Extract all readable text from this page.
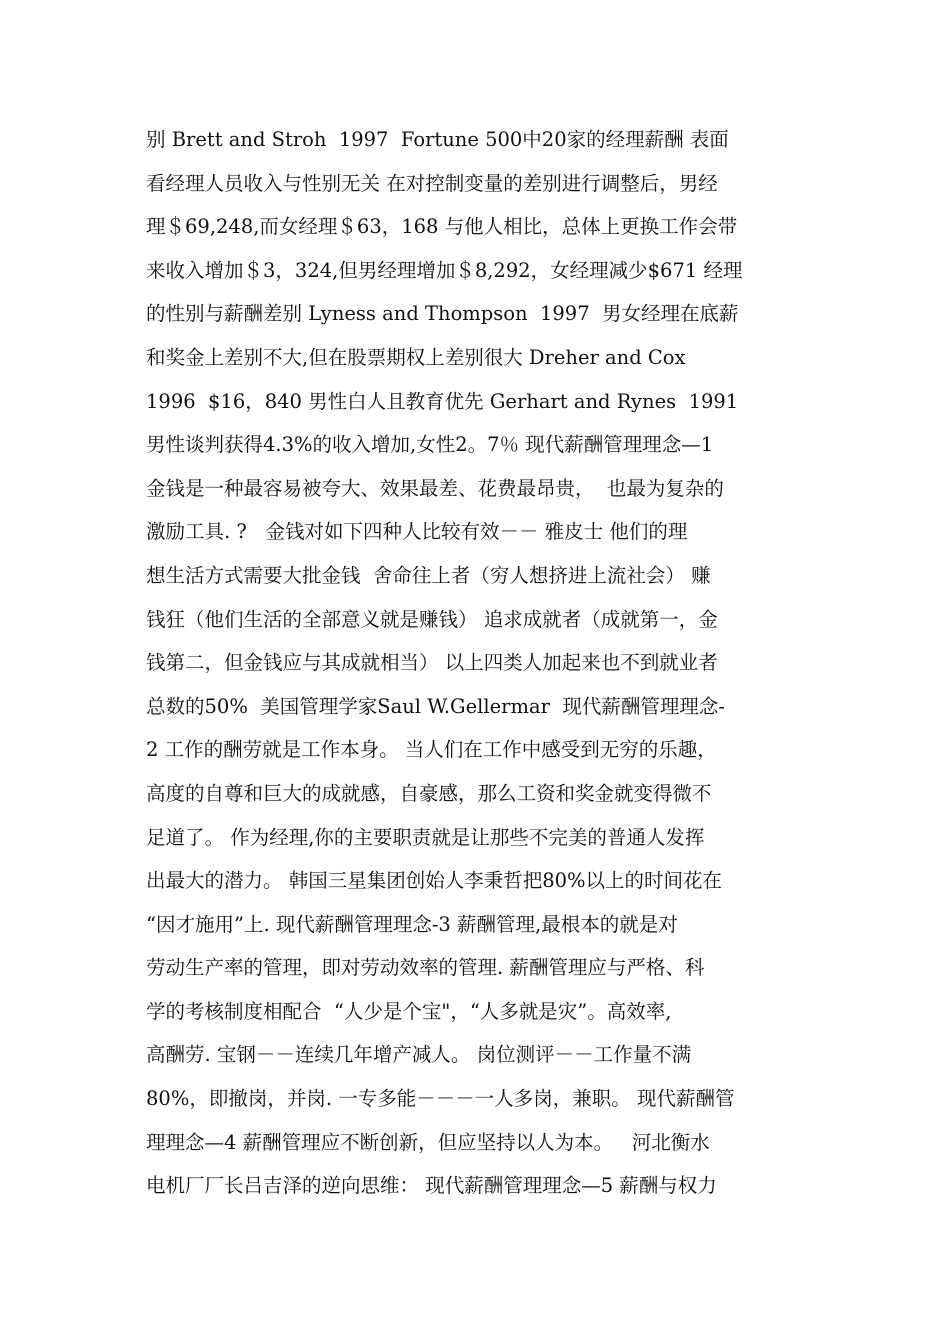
别 Brett and Stroh  1997  Fortune 500中20家的经理薪酬 表面
看经理人员收入与性别无关 在对控制变量的差别进行调整后，男经
理＄69,248,而女经理＄63，168 与他人相比，总体上更换工作会带
来收入增加＄3，324,但男经理增加＄8,292，女经理减少$671 经理
的性别与薪酬差别 Lyness and Thompson  1997  男女经理在底薪
和奖金上差别不大,但在股票期权上差别很大 Dreher and Cox
1996  $16，840 男性白人且教育优先 Gerhart and Rynes  1991
男性谈判获得4.3%的收入增加,女性2。7％ 现代薪酬管理理念—1
金钱是一种最容易被夸大、效果最差、花费最昂贵，  也最为复杂的
激励工具. ?   金钱对如下四种人比较有效－－ 雅皮士 他们的理
想生活方式需要大批金钱  舍命往上者（穷人想挤进上流社会） 赚
钱狂（他们生活的全部意义就是赚钱） 追求成就者（成就第一，金
钱第二，但金钱应与其成就相当） 以上四类人加起来也不到就业者
总数的50%  美国管理学家Saul W.Gellermar  现代薪酬管理理念-
2 工作的酬劳就是工作本身。 当人们在工作中感受到无穷的乐趣，
高度的自尊和巨大的成就感，自豪感，那么工资和奖金就变得微不
足道了。 作为经理,你的主要职责就是让那些不完美的普通人发挥
出最大的潜力。 韩国三星集团创始人李秉哲把80%以上的时间花在
“因才施用”上. 现代薪酬管理理念-3 薪酬管理,最根本的就是对
劳动生产率的管理，即对劳动效率的管理. 薪酬管理应与严格、科
学的考核制度相配合  “人少是个宝"，“人多就是灾”。高效率,
高酬劳. 宝钢－－连续几年增产减人。 岗位测评－－工作量不满
80%，即撤岗，并岗. 一专多能－－－一人多岗，兼职。 现代薪酬管
理理念—4 薪酬管理应不断创新，但应坚持以人为本。   河北衡水
电机厂厂长吕吉泽的逆向思维： 现代薪酬管理理念—5 薪酬与权力
